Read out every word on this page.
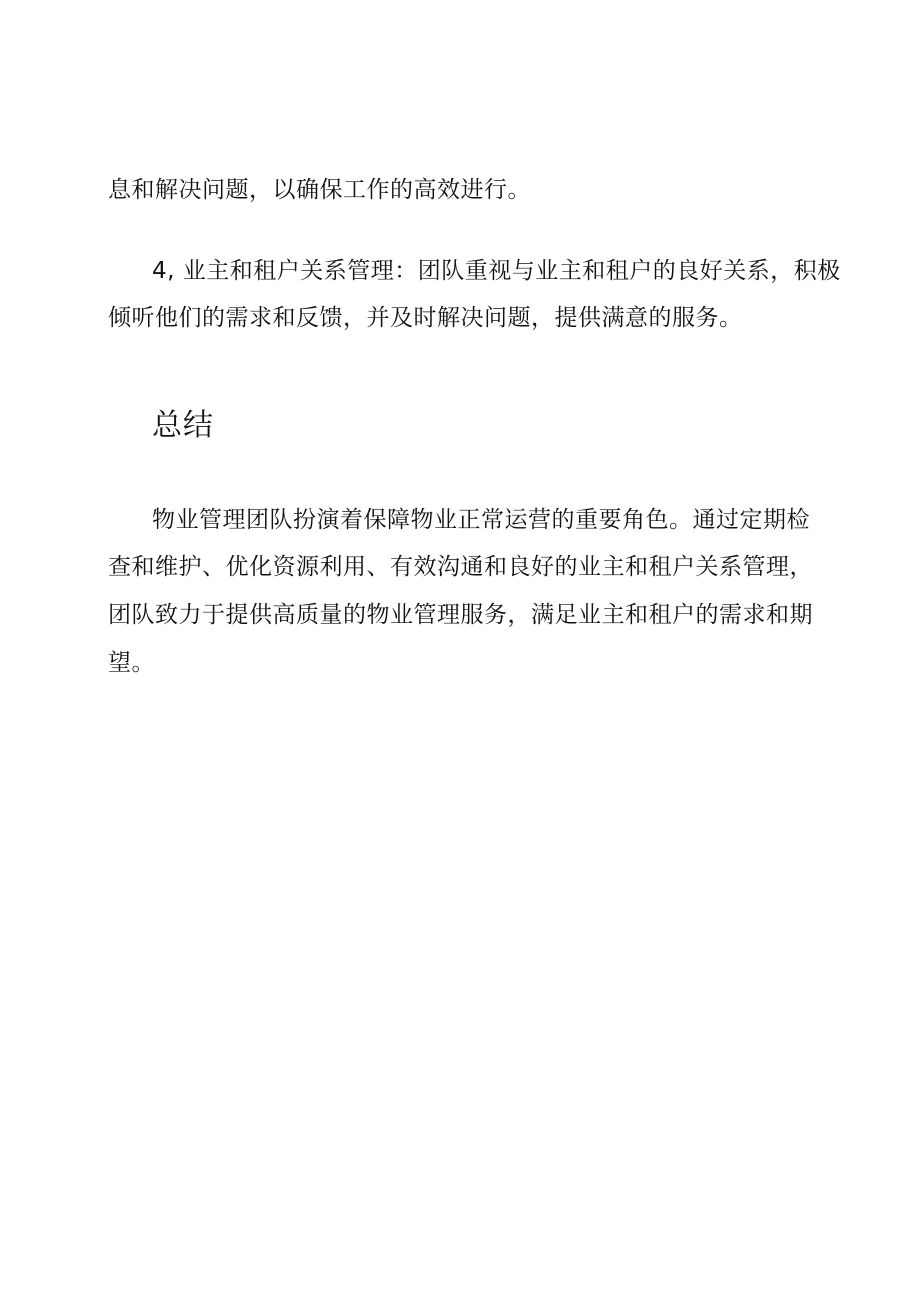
息和解决问题，以确保工作的高效进行。
4, 业主和租户关系管理：团队重视与业主和租户的良好关系，积极
倾听他们的需求和反馈，并及时解决问题，提供满意的服务。
总结
物业管理团队扮演着保障物业正常运营的重要角色。通过定期检
查和维护、优化资源利用、有效沟通和良好的业主和租户关系管理，
团队致力于提供高质量的物业管理服务，满足业主和租户的需求和期
望。
